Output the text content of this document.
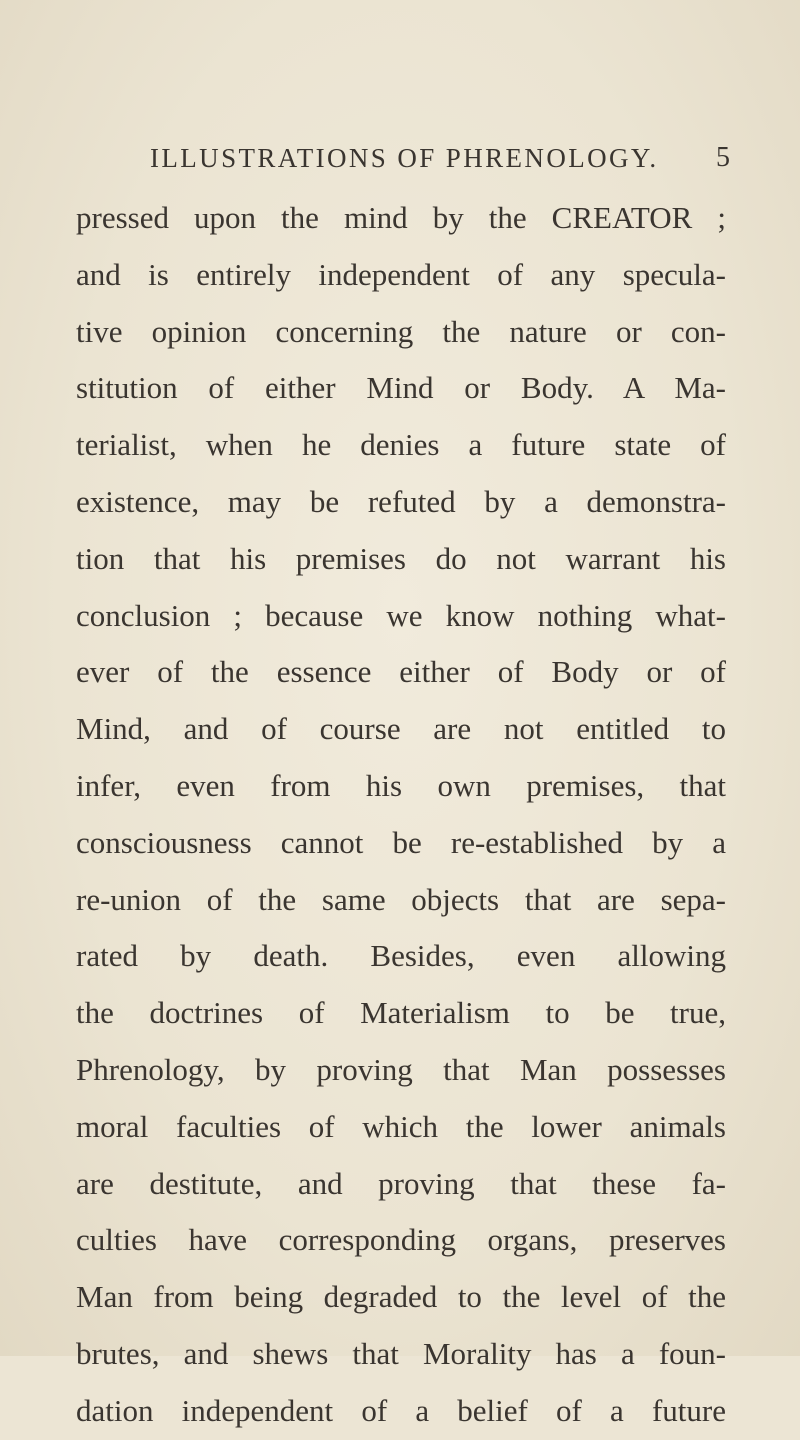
ILLUSTRATIONS OF PHRENOLOGY. 5
pressed upon the mind by the CREATOR ;
and is entirely independent of any specula-
tive opinion concerning the nature or con-
stitution of either Mind or Body. A Ma-
terialist, when he denies a future state of
existence, may be refuted by a demonstra-
tion that his premises do not warrant his
conclusion ; because we know nothing what-
ever of the essence either of Body or of
Mind, and of course are not entitled to
infer, even from his own premises, that
consciousness cannot be re-established by a
re-union of the same objects that are sepa-
rated by death. Besides, even allowing
the doctrines of Materialism to be true,
Phrenology, by proving that Man possesses
moral faculties of which the lower animals
are destitute, and proving that these fa-
culties have corresponding organs, preserves
Man from being degraded to the level of the
brutes, and shews that Morality has a foun-
dation independent of a belief of a future
